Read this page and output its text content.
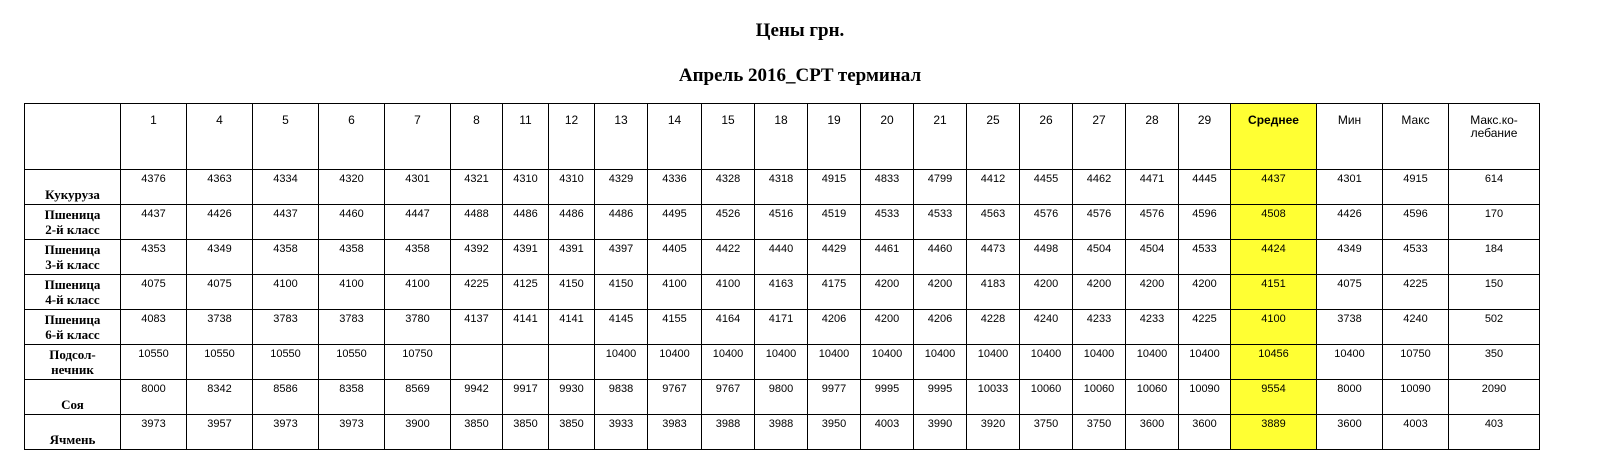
Цены грн.
Апрель 2016_CPT терминал
	1	4	5	6	7	8	11	12	13	14	15	18	19	20	21	25	26	27	28	29	Среднее	Мин	Макс	Макс.ко-
лебание
Кукуруза	4376	4363	4334	4320	4301	4321	4310	4310	4329	4336	4328	4318	4915	4833	4799	4412	4455	4462	4471	4445	4437	4301	4915	614
Пшеница
2-й класс	4437	4426	4437	4460	4447	4488	4486	4486	4486	4495	4526	4516	4519	4533	4533	4563	4576	4576	4576	4596	4508	4426	4596	170
Пшеница
3-й класс	4353	4349	4358	4358	4358	4392	4391	4391	4397	4405	4422	4440	4429	4461	4460	4473	4498	4504	4504	4533	4424	4349	4533	184
Пшеница
4-й класс	4075	4075	4100	4100	4100	4225	4125	4150	4150	4100	4100	4163	4175	4200	4200	4183	4200	4200	4200	4200	4151	4075	4225	150
Пшеница
6-й класс	4083	3738	3783	3783	3780	4137	4141	4141	4145	4155	4164	4171	4206	4200	4206	4228	4240	4233	4233	4225	4100	3738	4240	502
Подсол-
нечник	10550	10550	10550	10550	10750				10400	10400	10400	10400	10400	10400	10400	10400	10400	10400	10400	10400	10456	10400	10750	350
Соя	8000	8342	8586	8358	8569	9942	9917	9930	9838	9767	9767	9800	9977	9995	9995	10033	10060	10060	10060	10090	9554	8000	10090	2090
Ячмень	3973	3957	3973	3973	3900	3850	3850	3850	3933	3983	3988	3988	3950	4003	3990	3920	3750	3750	3600	3600	3889	3600	4003	403
